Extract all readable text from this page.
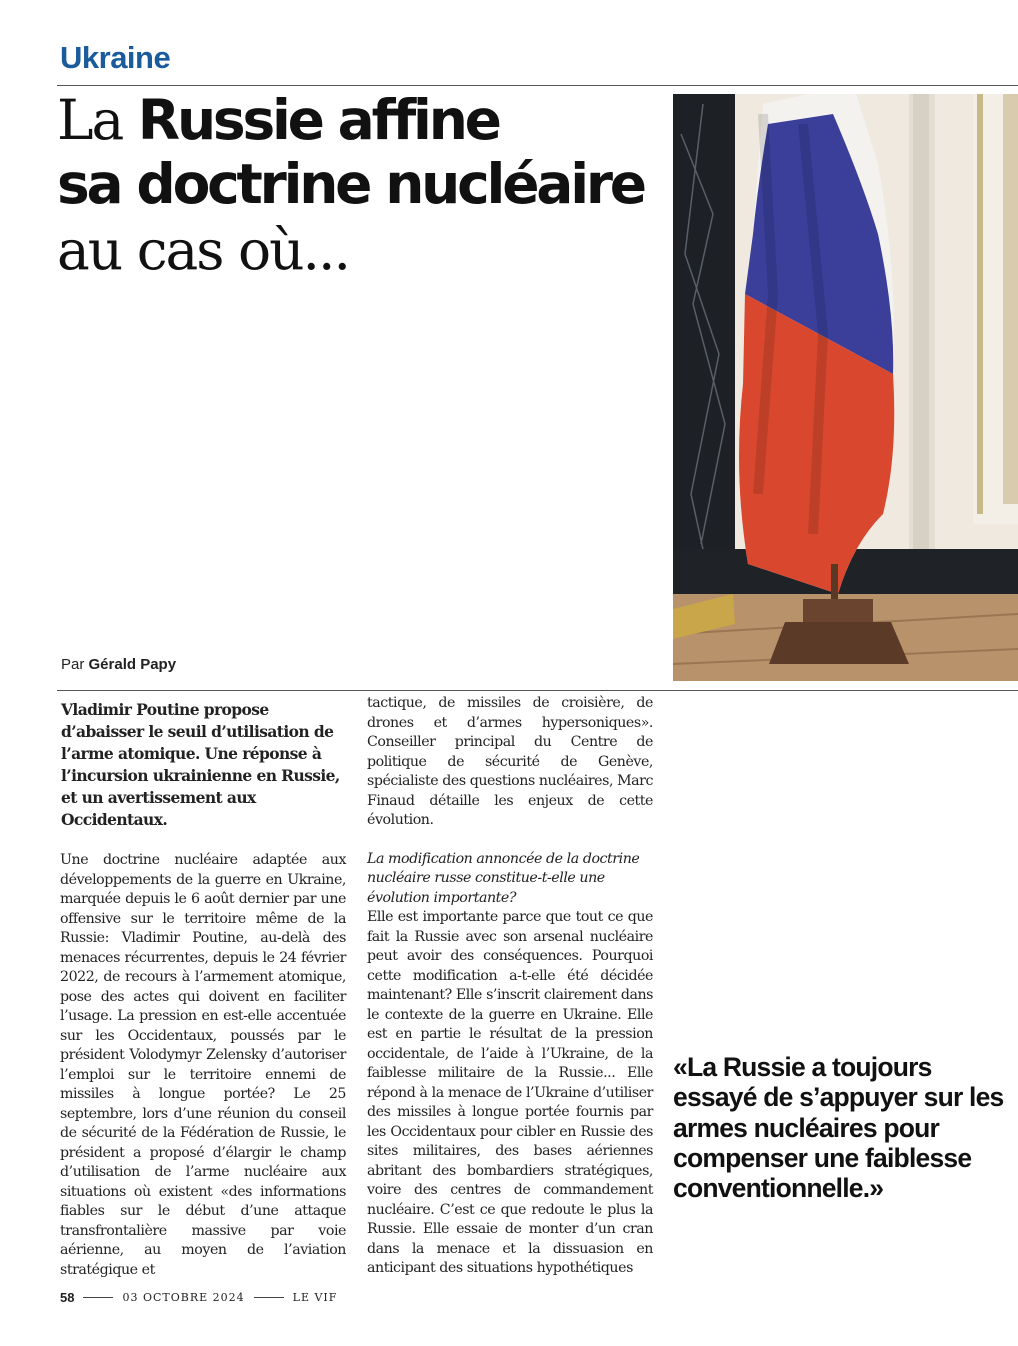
Ukraine
La Russie affine
sa doctrine nucléaire
au cas où...
Par Gérald Papy

Vladimir Poutine propose d’abaisser le seuil d’utilisation de l’arme atomique. Une réponse à l’incursion ukrainienne en Russie, et un avertissement aux Occidentaux.

Une doctrine nucléaire adaptée aux développements de la guerre en Ukraine, marquée depuis le 6 août dernier par une offensive sur le territoire même de la Russie: Vladimir Poutine, au-delà des menaces récurrentes, depuis le 24 février 2022, de recours à l’armement atomique, pose des actes qui doivent en faciliter l’usage. La pression en est-elle accentuée sur les Occidentaux, poussés par le président Volodymyr Zelensky d’autoriser l’emploi sur le territoire ennemi de missiles à longue portée? Le 25 septembre, lors d’une réunion du conseil de sécurité de la Fédération de Russie, le président a proposé d’élargir le champ d’utilisation de l’arme nucléaire aux situations où existent «des informations fiables sur le début d’une attaque transfrontalière massive par voie aérienne, au moyen de l’aviation stratégique et

tactique, de missiles de croisière, de drones et d’armes hypersoniques». Conseiller principal du Centre de politique de sécurité de Genève, spécialiste des questions nucléaires, Marc Finaud détaille les enjeux de cette évolution.

La modification annoncée de la doctrine nucléaire russe constitue-t-elle une évolution importante?

Elle est importante parce que tout ce que fait la Russie avec son arsenal nucléaire peut avoir des conséquences. Pourquoi cette modification a-t-elle été décidée maintenant? Elle s’inscrit clairement dans le contexte de la guerre en Ukraine. Elle est en partie le résultat de la pression occidentale, de l’aide à l’Ukraine, de la faiblesse militaire de la Russie... Elle répond à la menace de l’Ukraine d’utiliser des missiles à longue portée fournis par les Occidentaux pour cibler en Russie des sites militaires, des bases aériennes abritant des bombardiers stratégiques, voire des centres de commandement nucléaire. C’est ce que redoute le plus la Russie. Elle essaie de monter d’un cran dans la menace et la dissuasion en anticipant des situations hypothétiques

«La Russie a toujours essayé de s’appuyer sur les armes nucléaires pour compenser une faiblesse conventionnelle.»
58	03 OCTOBRE 2024	LE VIF
